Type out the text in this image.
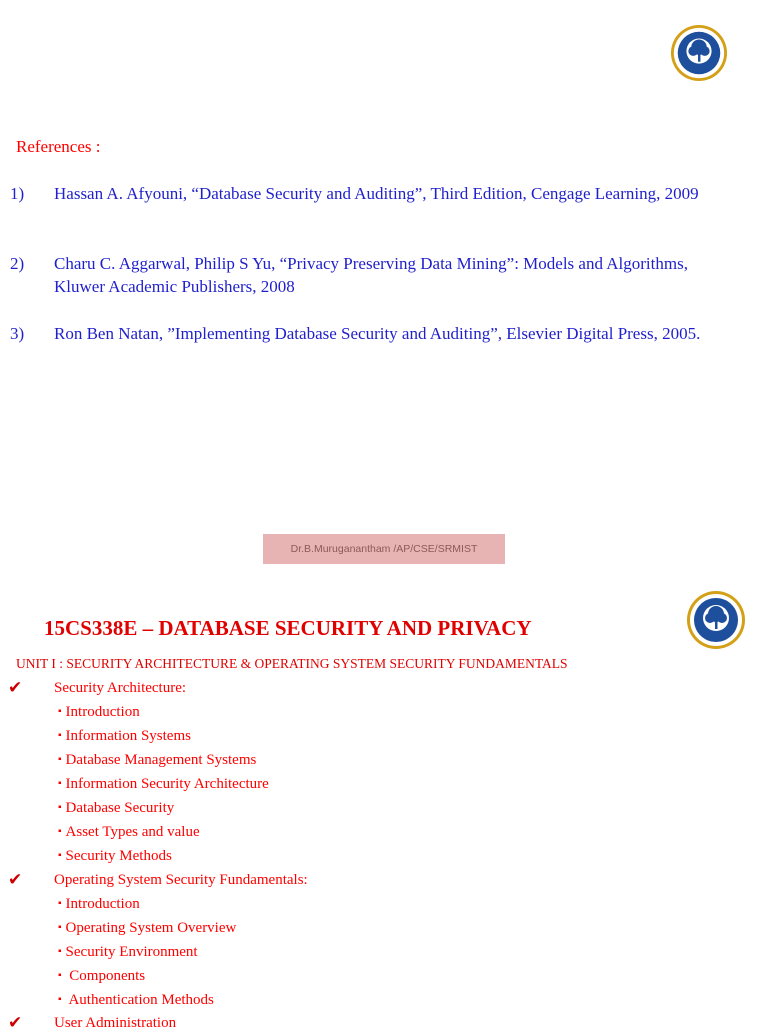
References :
1) Hassan A. Afyouni, “Database Security and Auditing”, Third Edition, Cengage Learning, 2009
2) Charu C. Aggarwal, Philip S Yu, “Privacy Preserving Data Mining”: Models and Algorithms, Kluwer Academic Publishers, 2008
3) Ron Ben Natan, ”Implementing Database Security and Auditing”, Elsevier Digital Press, 2005.
Dr.B.Muruganantham /AP/CSE/SRMIST
15CS338E – DATABASE SECURITY AND PRIVACY
UNIT I : SECURITY ARCHITECTURE & OPERATING SYSTEM SECURITY FUNDAMENTALS
✔ Security Architecture:
▪ Introduction
▪ Information Systems
▪ Database Management Systems
▪ Information Security Architecture
▪ Database Security
▪ Asset Types and value
▪ Security Methods
✔ Operating System Security Fundamentals:
▪ Introduction
▪ Operating System Overview
▪ Security Environment
▪ Components
▪ Authentication Methods
✔ User Administration
